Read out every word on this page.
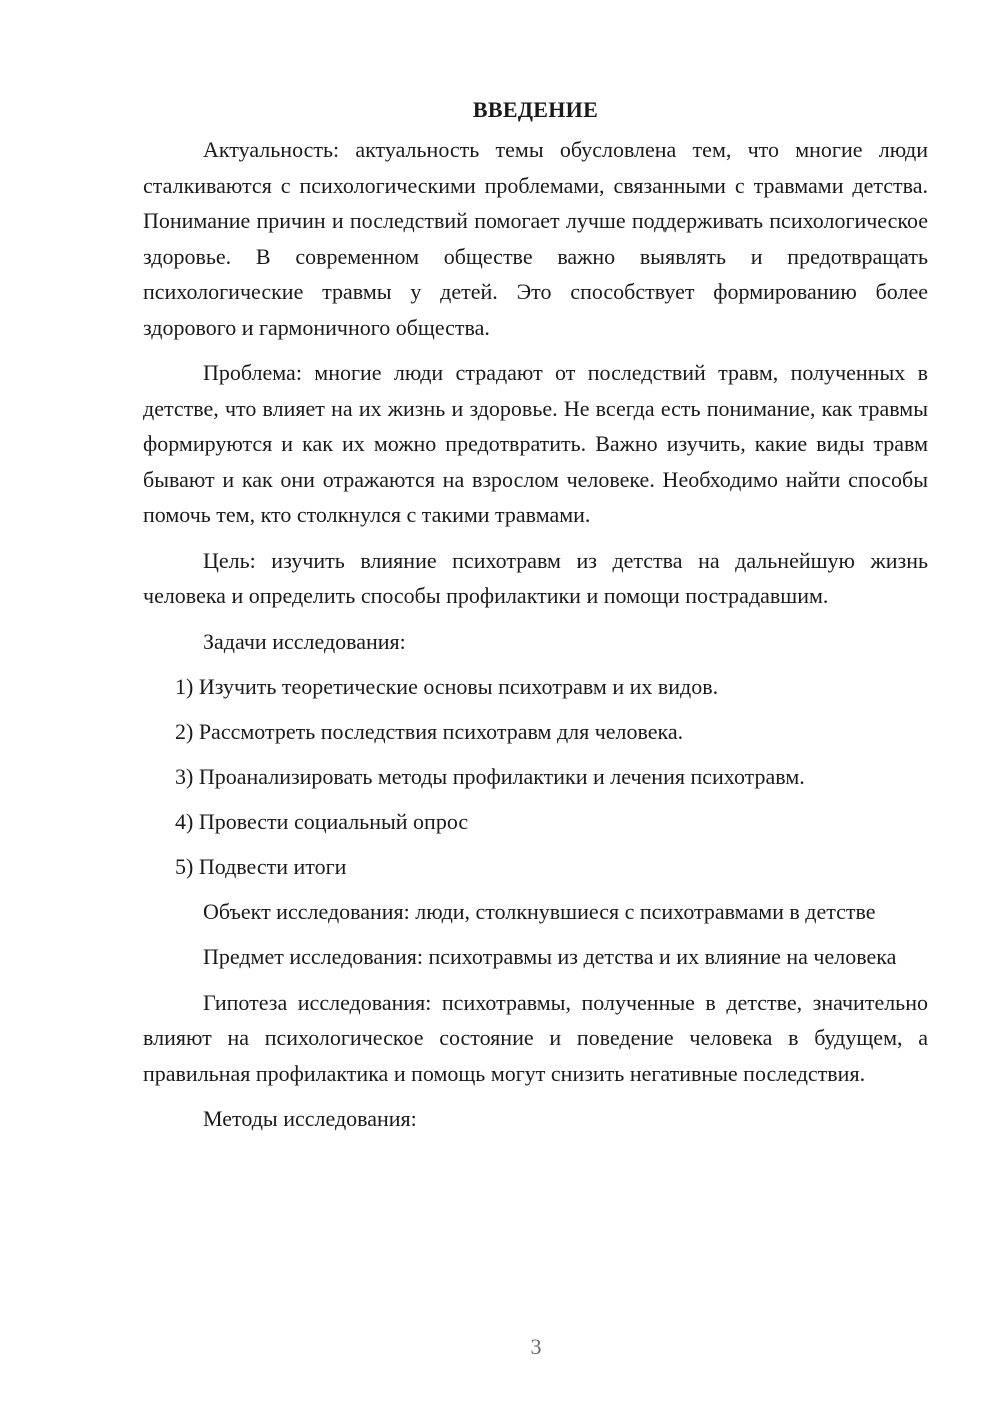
ВВЕДЕНИЕ

Актуальность: актуальность темы обусловлена тем, что многие люди сталкиваются с психологическими проблемами, связанными с травмами детства. Понимание причин и последствий помогает лучше поддерживать психологическое здоровье. В современном обществе важно выявлять и предотвращать психологические травмы у детей. Это способствует формированию более здорового и гармоничного общества.

Проблема: многие люди страдают от последствий травм, полученных в детстве, что влияет на их жизнь и здоровье. Не всегда есть понимание, как травмы формируются и как их можно предотвратить. Важно изучить, какие виды травм бывают и как они отражаются на взрослом человеке. Необходимо найти способы помочь тем, кто столкнулся с такими травмами.

Цель: изучить влияние психотравм из детства на дальнейшую жизнь человека и определить способы профилактики и помощи пострадавшим.

Задачи исследования:

1) Изучить теоретические основы психотравм и их видов.
2) Рассмотреть последствия психотравм для человека.
3) Проанализировать методы профилактики и лечения психотравм.
4) Провести социальный опрос
5) Подвести итоги

Объект исследования: люди, столкнувшиеся с психотравмами в детстве

Предмет исследования: психотравмы из детства и их влияние на человека

Гипотеза исследования: психотравмы, полученные в детстве, значительно влияют на психологическое состояние и поведение человека в будущем, а правильная профилактика и помощь могут снизить негативные последствия.

Методы исследования:

3
